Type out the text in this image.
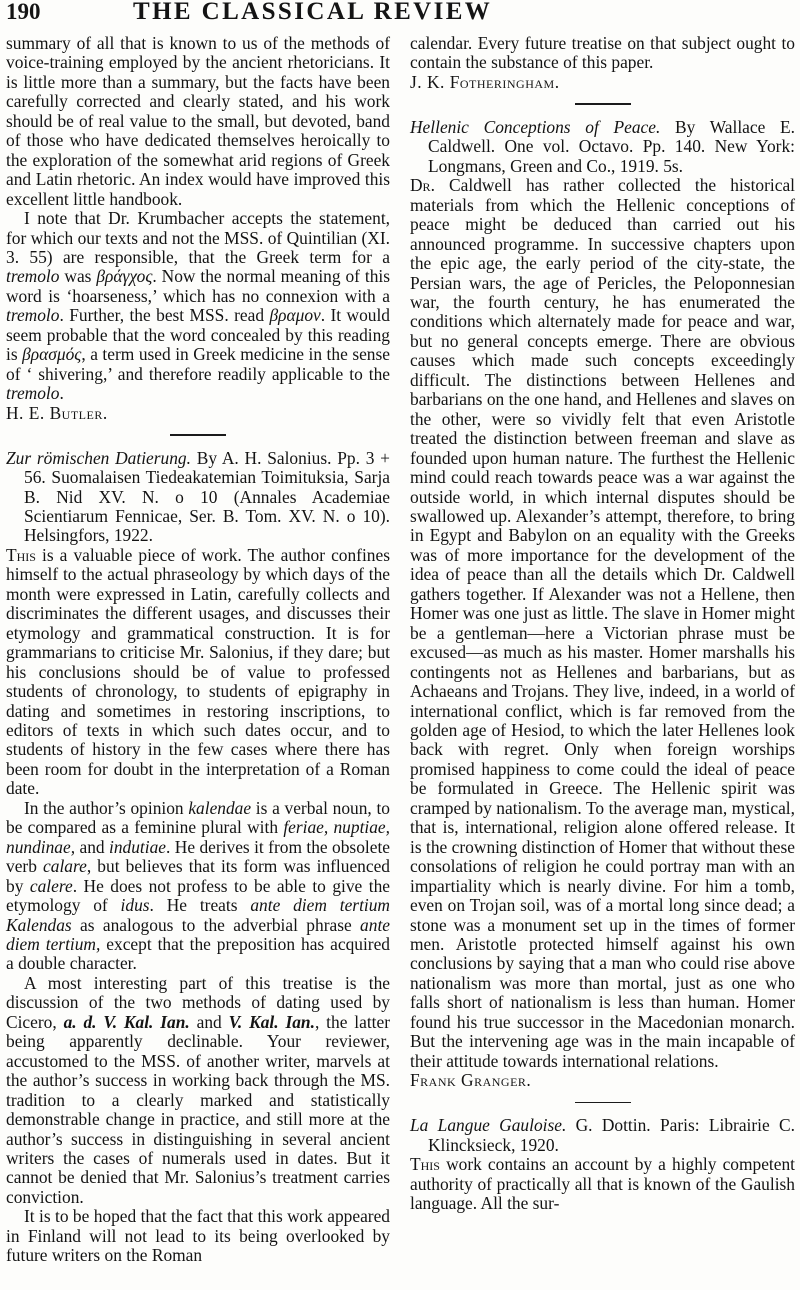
190	THE CLASSICAL REVIEW

summary of all that is known to us of the methods of voice-training employed by the ancient rhetoricians. It is little more than a summary, but the facts have been carefully corrected and clearly stated, and his work should be of real value to the small, but devoted, band of those who have dedicated themselves heroically to the exploration of the somewhat arid regions of Greek and Latin rhetoric. An index would have improved this excellent little handbook.

I note that Dr. Krumbacher accepts the statement, for which our texts and not the MSS. of Quintilian (XI. 3. 55) are responsible, that the Greek term for a tremolo was βράγχος. Now the normal meaning of this word is ‘hoarseness,’ which has no connexion with a tremolo. Further, the best MSS. read βραμον. It would seem probable that the word concealed by this reading is βρασμός, a term used in Greek medicine in the sense of ‘ shivering,’ and therefore readily applicable to the tremolo.

H. E. Butler.

Zur römischen Datierung. By A. H. Salonius. Pp. 3 + 56. Suomalaisen Tiedeakatemian Toimituksia, Sarja B. Nid XV. N. o 10 (Annales Academiae Scientiarum Fennicae, Ser. B. Tom. XV. N. o 10). Helsingfors, 1922.

This is a valuable piece of work. The author confines himself to the actual phraseology by which days of the month were expressed in Latin, carefully collects and discriminates the different usages, and discusses their etymology and grammatical construction. It is for grammarians to criticise Mr. Salonius, if they dare; but his conclusions should be of value to professed students of chronology, to students of epigraphy in dating and sometimes in restoring inscriptions, to editors of texts in which such dates occur, and to students of history in the few cases where there has been room for doubt in the interpretation of a Roman date.

In the author’s opinion kalendae is a verbal noun, to be compared as a feminine plural with feriae, nuptiae, nundinae, and indutiae. He derives it from the obsolete verb calare, but believes that its form was influenced by calere. He does not profess to be able to give the etymology of idus. He treats ante diem tertium Kalendas as analogous to the adverbial phrase ante diem tertium, except that the preposition has acquired a double character.

A most interesting part of this treatise is the discussion of the two methods of dating used by Cicero, a. d. V. Kal. Ian. and V. Kal. Ian., the latter being apparently declinable. Your reviewer, accustomed to the MSS. of another writer, marvels at the author’s success in working back through the MS. tradition to a clearly marked and statistically demonstrable change in practice, and still more at the author’s success in distinguishing in several ancient writers the cases of numerals used in dates. But it cannot be denied that Mr. Salonius’s treatment carries conviction.

It is to be hoped that the fact that this work appeared in Finland will not lead to its being overlooked by future writers on the Roman

calendar. Every future treatise on that subject ought to contain the substance of this paper.

J. K. Fotheringham.

Hellenic Conceptions of Peace. By Wallace E. Caldwell. One vol. Octavo. Pp. 140. New York: Longmans, Green and Co., 1919. 5s.

Dr. Caldwell has rather collected the historical materials from which the Hellenic conceptions of peace might be deduced than carried out his announced programme. In successive chapters upon the epic age, the early period of the city-state, the Persian wars, the age of Pericles, the Peloponnesian war, the fourth century, he has enumerated the conditions which alternately made for peace and war, but no general concepts emerge. There are obvious causes which made such concepts exceedingly difficult. The distinctions between Hellenes and barbarians on the one hand, and Hellenes and slaves on the other, were so vividly felt that even Aristotle treated the distinction between freeman and slave as founded upon human nature. The furthest the Hellenic mind could reach towards peace was a war against the outside world, in which internal disputes should be swallowed up. Alexander’s attempt, therefore, to bring in Egypt and Babylon on an equality with the Greeks was of more importance for the development of the idea of peace than all the details which Dr. Caldwell gathers together. If Alexander was not a Hellene, then Homer was one just as little. The slave in Homer might be a gentleman—here a Victorian phrase must be excused—as much as his master. Homer marshalls his contingents not as Hellenes and barbarians, but as Achaeans and Trojans. They live, indeed, in a world of international conflict, which is far removed from the golden age of Hesiod, to which the later Hellenes look back with regret. Only when foreign worships promised happiness to come could the ideal of peace be formulated in Greece. The Hellenic spirit was cramped by nationalism. To the average man, mystical, that is, international, religion alone offered release. It is the crowning distinction of Homer that without these consolations of religion he could portray man with an impartiality which is nearly divine. For him a tomb, even on Trojan soil, was of a mortal long since dead; a stone was a monument set up in the times of former men. Aristotle protected himself against his own conclusions by saying that a man who could rise above nationalism was more than mortal, just as one who falls short of nationalism is less than human. Homer found his true successor in the Macedonian monarch. But the intervening age was in the main incapable of their attitude towards international relations.

Frank Granger.

La Langue Gauloise. G. Dottin. Paris: Librairie C. Klincksieck, 1920.

This work contains an account by a highly competent authority of practically all that is known of the Gaulish language. All the sur-
